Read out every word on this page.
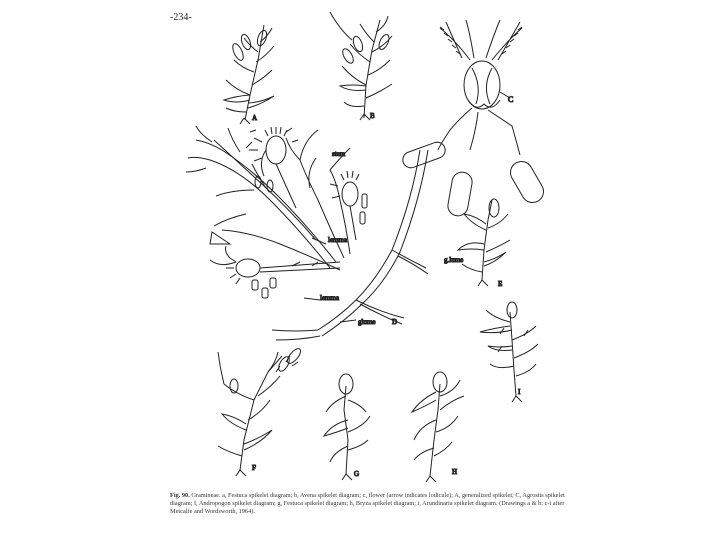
-234-
A	B
C
stem
lemma
lemma
glume D
g.lume
E
F
G	H
I
Fig. 90. Gramineae. a, Festuca spikelet diagram; b, Avena spikelet diagram; c, flower (arrow indicates lodicule); A, generalized spikelet; C, Agrostis spikelet diagram; I, Andropogon spikelet diagram; g, Festuca spikelet diagram; h, Bryza spikelet diagram; i, Arundinaria spikelet diagram. (Drawings a & b; c-i after Metcalfe and Wordsworth, 1964).
